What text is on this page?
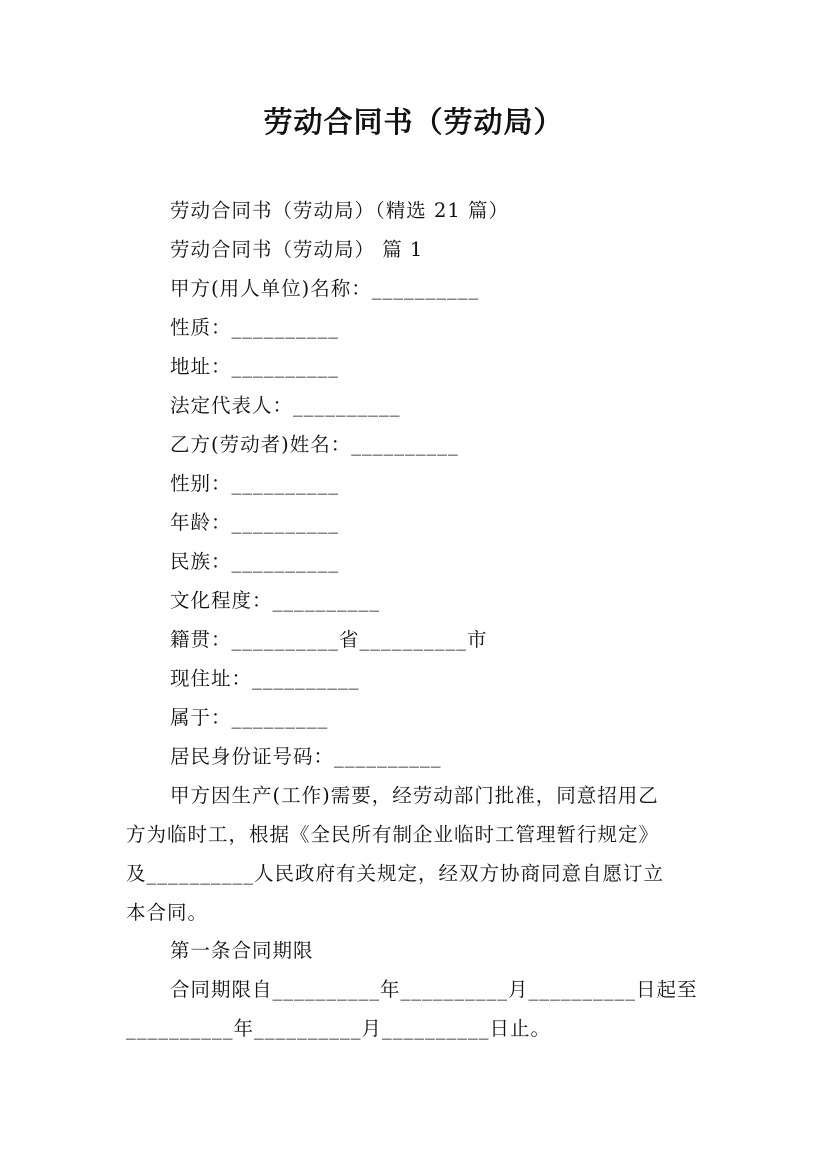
劳动合同书（劳动局）
劳动合同书（劳动局）（精选 21 篇）
劳动合同书（劳动局） 篇 1
甲方(用人单位)名称：__________
性质：__________
地址：__________
法定代表人：__________
乙方(劳动者)姓名：__________
性别：__________
年龄：__________
民族：__________
文化程度：__________
籍贯：__________省__________市
现住址：__________
属于：_________
居民身份证号码：__________
甲方因生产(工作)需要，经劳动部门批准，同意招用乙
方为临时工，根据《全民所有制企业临时工管理暂行规定》
及__________人民政府有关规定，经双方协商同意自愿订立
本合同。
第一条合同期限
合同期限自__________年__________月__________日起至
__________年__________月__________日止。
